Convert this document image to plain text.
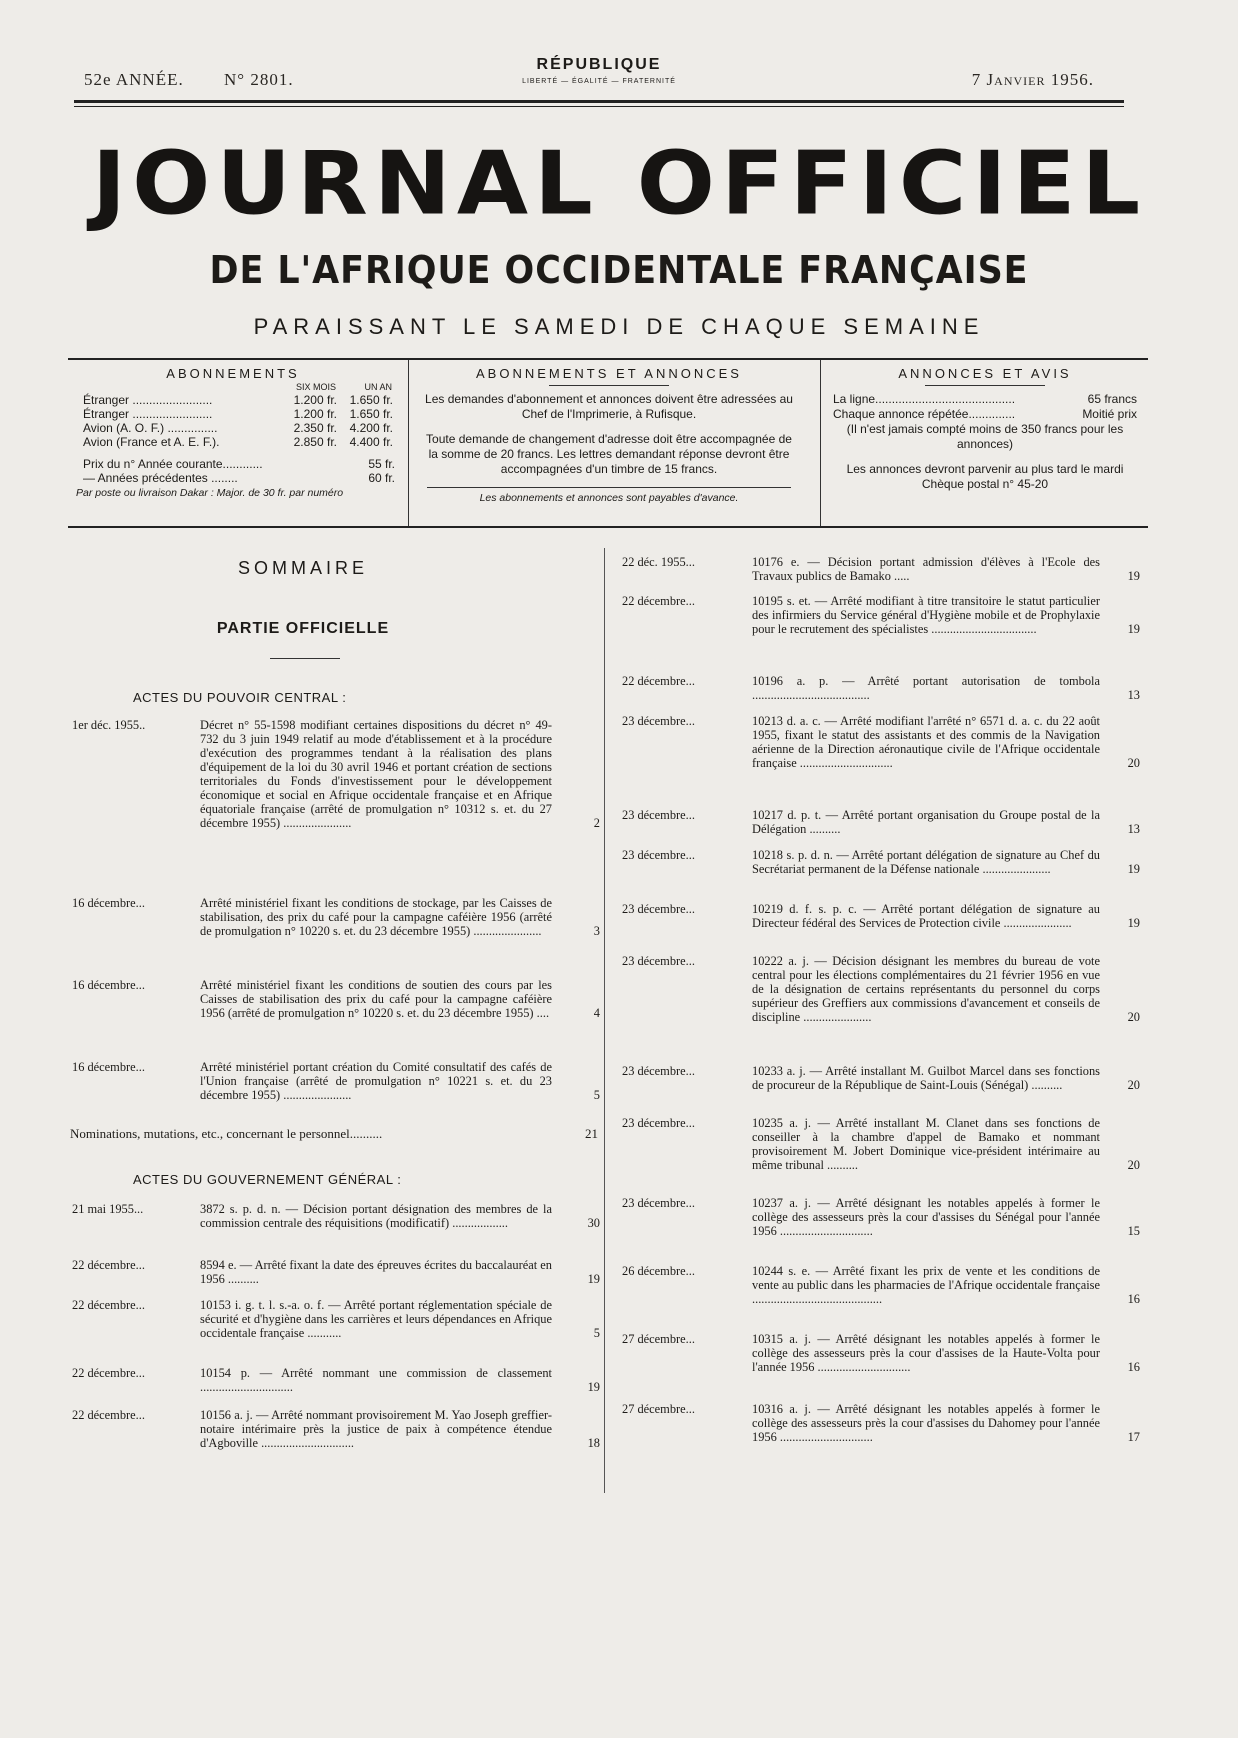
52e ANNÉE. N° 2801.
RÉPUBLIQUE
LIBERTÉ — ÉGALITÉ — FRATERNITÉ	7 Janvier 1956.
JOURNAL OFFICIEL
DE L'AFRIQUE OCCIDENTALE FRANÇAISE
PARAISSANT LE SAMEDI DE CHAQUE SEMAINE
ABONNEMENTS
	SIX MOIS	UN AN
Étranger ........................	1.200 fr.	1.650 fr.
Étranger ........................	1.200 fr.	1.650 fr.
Avion (A. O. F.) ...............	2.350 fr.	4.200 fr.
Avion (France et A. E. F.).	2.850 fr.	4.400 fr.
Prix du n° Année courante............	55 fr.
— Années précédentes ........	60 fr.
Par poste ou livraison Dakar : Major. de 30 fr. par numéro
ABONNEMENTS ET ANNONCES

Les demandes d'abonnement et annonces doivent être adressées au Chef de l'Imprimerie, à Rufisque.

Toute demande de changement d'adresse doit être accompagnée de la somme de 20 francs. Les lettres demandant réponse devront être accompagnées d'un timbre de 15 francs.

Les abonnements et annonces sont payables d'avance.
ANNONCES ET AVIS
La ligne..........................................	65 francs
Chaque annonce répétée..............	Moitié prix
(Il n'est jamais compté moins de 350 francs pour les annonces)
Les annonces devront parvenir au plus tard le mardi
Chèque postal n° 45-20
SOMMAIRE
PARTIE OFFICIELLE
ACTES DU POUVOIR CENTRAL :
1er déc. 1955..	Décret n° 55-1598 modifiant certaines dispositions du décret n° 49-732 du 3 juin 1949 relatif au mode d'établissement et à la procédure d'exécution des programmes tendant à la réalisation des plans d'équipement de la loi du 30 avril 1946 et portant création de sections territoriales du Fonds d'investissement pour le développement économique et social en Afrique occidentale française et en Afrique équatoriale française (arrêté de promulgation n° 10312 s. et. du 27 décembre 1955) ......................	2
16 décembre...	Arrêté ministériel fixant les conditions de stockage, par les Caisses de stabilisation, des prix du café pour la campagne caféière 1956 (arrêté de promulgation n° 10220 s. et. du 23 décembre 1955) ......................	3
16 décembre...	Arrêté ministériel fixant les conditions de soutien des cours par les Caisses de stabilisation des prix du café pour la campagne caféière 1956 (arrêté de promulgation n° 10220 s. et. du 23 décembre 1955) ....	4
16 décembre...	Arrêté ministériel portant création du Comité consultatif des cafés de l'Union française (arrêté de promulgation n° 10221 s. et. du 23 décembre 1955) ......................	5
Nominations, mutations, etc., concernant le personnel..........	21
ACTES DU GOUVERNEMENT GÉNÉRAL :
21 mai 1955...	3872 s. p. d. n. — Décision portant désignation des membres de la commission centrale des réquisitions (modificatif) ..................	30
22 décembre...	8594 e. — Arrêté fixant la date des épreuves écrites du baccalauréat en 1956 ..........	19
22 décembre...	10153 i. g. t. l. s.-a. o. f. — Arrêté portant réglementation spéciale de sécurité et d'hygiène dans les carrières et leurs dépendances en Afrique occidentale française ...........	5
22 décembre...	10154 p. — Arrêté nommant une commission de classement ..............................	19
22 décembre...	10156 a. j. — Arrêté nommant provisoirement M. Yao Joseph greffier-notaire intérimaire près la justice de paix à compétence étendue d'Agboville ..............................	18
22 déc. 1955...	10176 e. — Décision portant admission d'élèves à l'Ecole des Travaux publics de Bamako .....	19
22 décembre...	10195 s. et. — Arrêté modifiant à titre transitoire le statut particulier des infirmiers du Service général d'Hygiène mobile et de Prophylaxie pour le recrutement des spécialistes ..................................	19
22 décembre...	10196 a. p. — Arrêté portant autorisation de tombola ......................................	13
23 décembre...	10213 d. a. c. — Arrêté modifiant l'arrêté n° 6571 d. a. c. du 22 août 1955, fixant le statut des assistants et des commis de la Navigation aérienne de la Direction aéronautique civile de l'Afrique occidentale française ..............................	20
23 décembre...	10217 d. p. t. — Arrêté portant organisation du Groupe postal de la Délégation ..........	13
23 décembre...	10218 s. p. d. n. — Arrêté portant délégation de signature au Chef du Secrétariat permanent de la Défense nationale ......................	19
23 décembre...	10219 d. f. s. p. c. — Arrêté portant délégation de signature au Directeur fédéral des Services de Protection civile ......................	19
23 décembre...	10222 a. j. — Décision désignant les membres du bureau de vote central pour les élections complémentaires du 21 février 1956 en vue de la désignation de certains représentants du personnel du corps supérieur des Greffiers aux commissions d'avancement et conseils de discipline ......................	20
23 décembre...	10233 a. j. — Arrêté installant M. Guilbot Marcel dans ses fonctions de procureur de la République de Saint-Louis (Sénégal) ..........	20
23 décembre...	10235 a. j. — Arrêté installant M. Clanet dans ses fonctions de conseiller à la chambre d'appel de Bamako et nommant provisoirement M. Jobert Dominique vice-président intérimaire au même tribunal ..........	20
23 décembre...	10237 a. j. — Arrêté désignant les notables appelés à former le collège des assesseurs près la cour d'assises du Sénégal pour l'année 1956 ..............................	15
26 décembre...	10244 s. e. — Arrêté fixant les prix de vente et les conditions de vente au public dans les pharmacies de l'Afrique occidentale française ..........................................	16
27 décembre...	10315 a. j. — Arrêté désignant les notables appelés à former le collège des assesseurs près la cour d'assises de la Haute-Volta pour l'année 1956 ..............................	16
27 décembre...	10316 a. j. — Arrêté désignant les notables appelés à former le collège des assesseurs près la cour d'assises du Dahomey pour l'année 1956 ..............................	17
